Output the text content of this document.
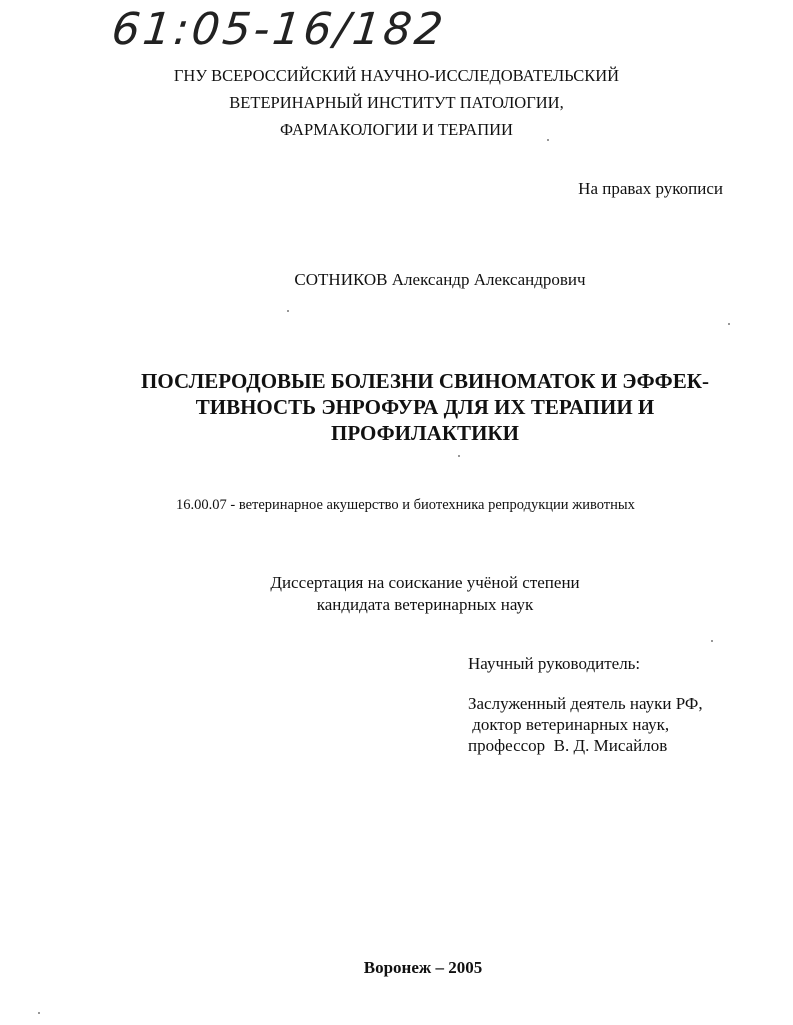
61:05-16/182
ГНУ ВСЕРОССИЙСКИЙ НАУЧНО-ИССЛЕДОВАТЕЛЬСКИЙ
ВЕТЕРИНАРНЫЙ ИНСТИТУТ ПАТОЛОГИИ,
ФАРМАКОЛОГИИ И ТЕРАПИИ
На правах рукописи
СОТНИКОВ Александр Александрович
ПОСЛЕРОДОВЫЕ БОЛЕЗНИ СВИНОМАТОК И ЭФФЕК-
ТИВНОСТЬ ЭНРОФУРА ДЛЯ ИХ ТЕРАПИИ И
ПРОФИЛАКТИКИ
16.00.07 - ветеринарное акушерство и биотехника репродукции животных
Диссертация на соискание учёной степени
кандидата ветеринарных наук
Научный руководитель:
Заслуженный деятель науки РФ,
доктор ветеринарных наук,
профессор  В. Д. Мисайлов
Воронеж – 2005
